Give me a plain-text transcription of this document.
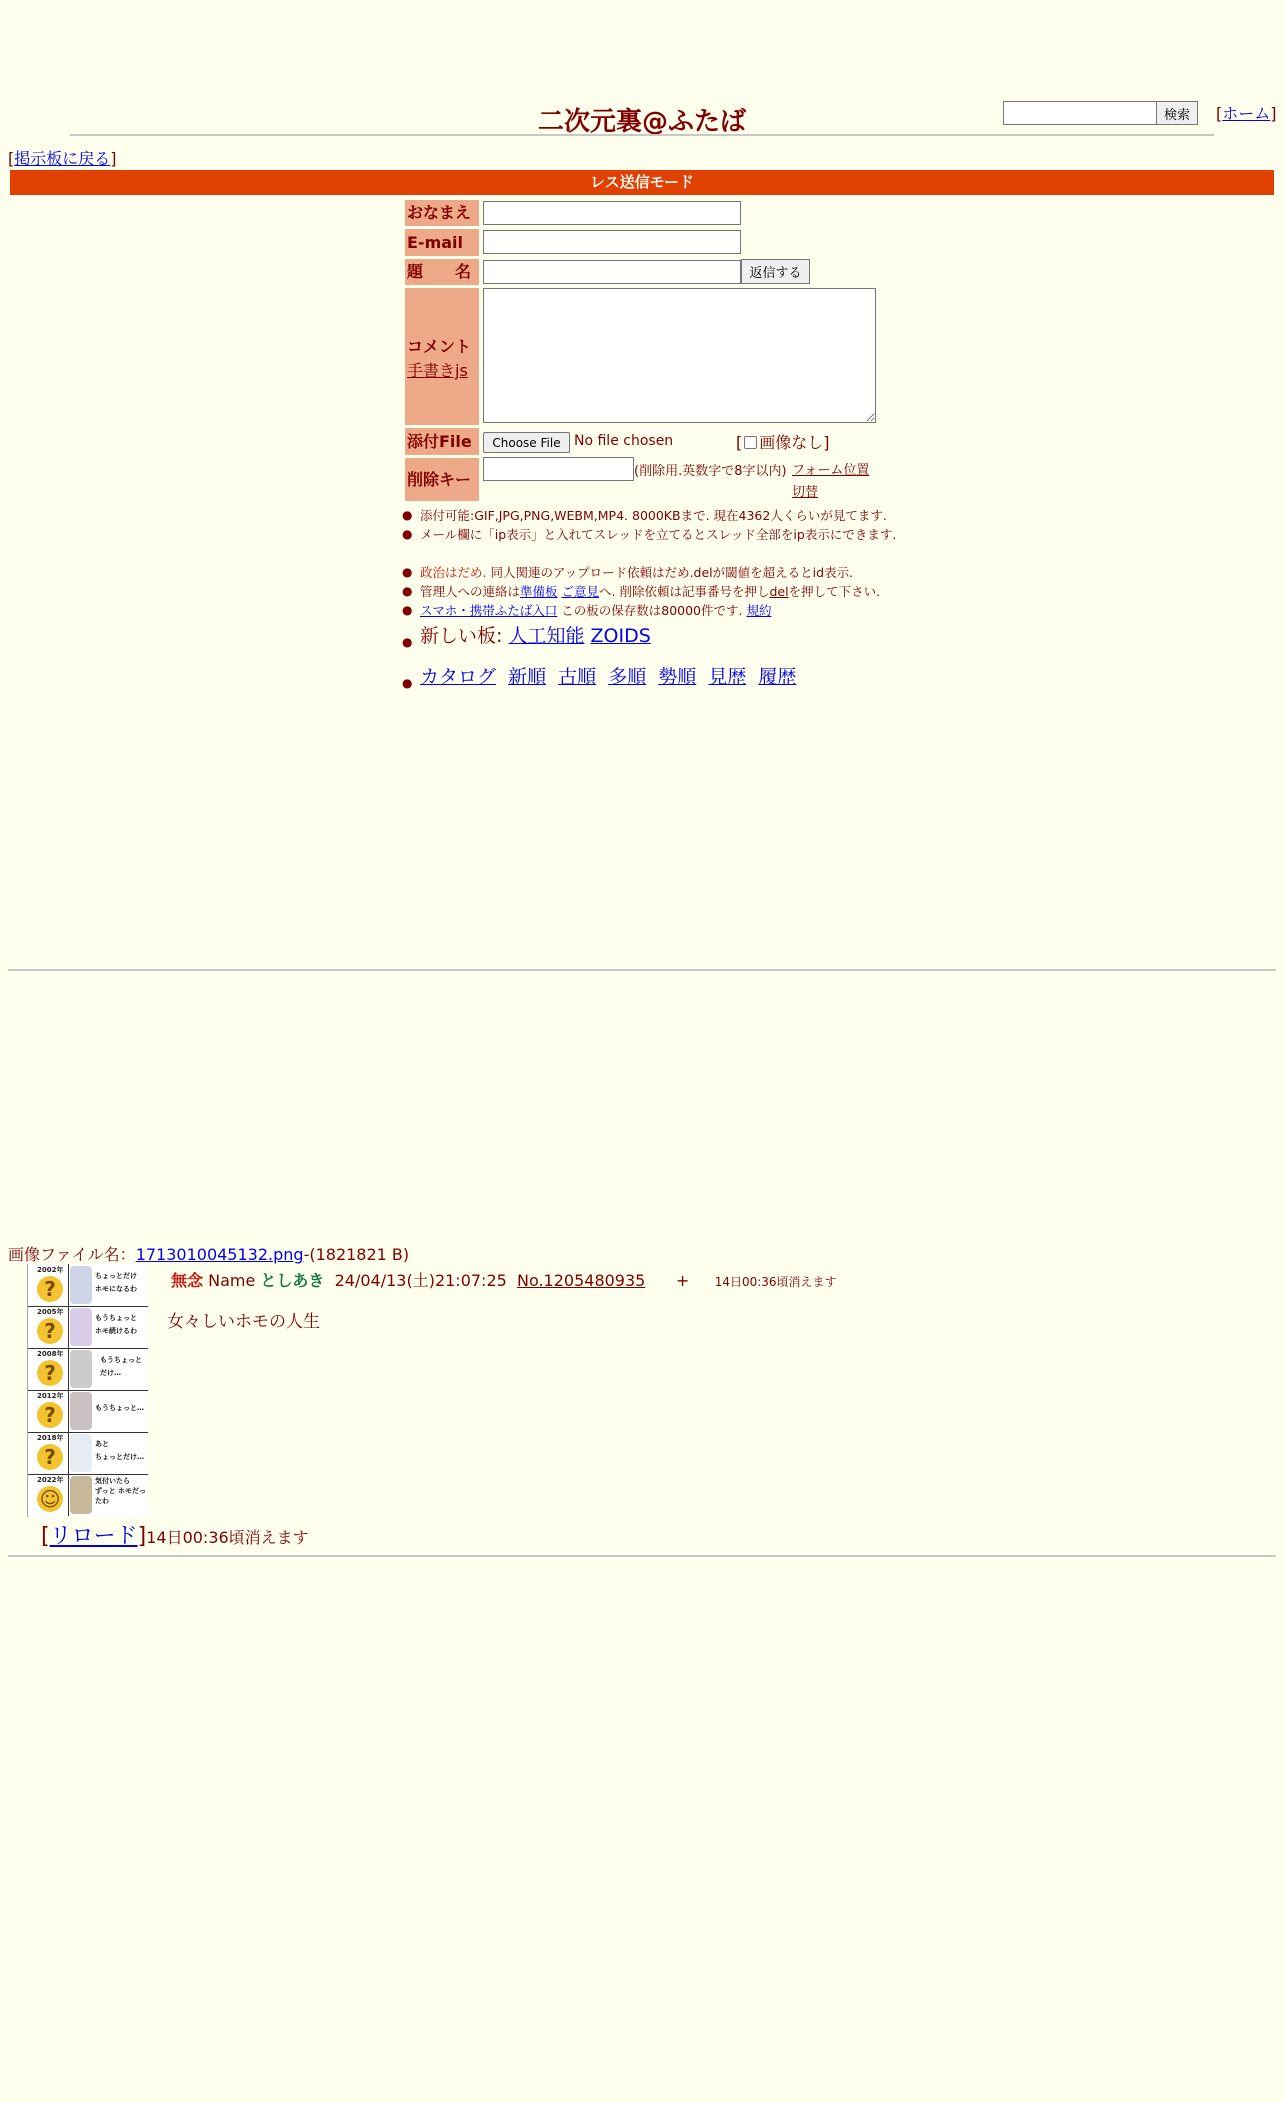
二次元裏@ふたば	検索	[ホーム]
[掲示板に戻る]
レス送信モード
おなまえ
E-mail
題　　名	返信する
コメント
手書きjs
添付File	Choose File No file chosen	[ 画像なし]
削除キー	(削除用.英数字で8字以内) フォーム位置切替
● 添付可能:GIF,JPG,PNG,WEBM,MP4. 8000KBまで. 現在4362人くらいが見てます.
● メール欄に「ip表示」と入れてスレッドを立てるとスレッド全部をip表示にできます.
● 政治はだめ. 同人関連のアップロード依頼はだめ.delが閾値を超えるとid表示.
● 管理人への連絡は準備板 ご意見へ. 削除依頼は記事番号を押しdelを押して下さい.
● スマホ・携帯ふたば入口 この板の保存数は80000件です. 規約
● 新しい板: 人工知能 ZOIDS
● カタログ 新順 古順 多順 勢順 見歴 履歴
画像ファイル名：1713010045132.png-(1821821 B)
2002年
?
ちょっとだけ
ホモになるわ
2005年
?
もうちょっと
ホモ続けるわ
2008年
?
もうちょっと
だけ…
2012年
?	もうちょっと…
2018年
?
あと
ちょっとだけ…
2022年
☺
気付いたら
ずっと ホモだったわ
無念 Name としあき 24/04/13(土)21:07:25 No.1205480935 + 14日00:36頃消えます
女々しいホモの人生
[リロード]14日00:36頃消えます
